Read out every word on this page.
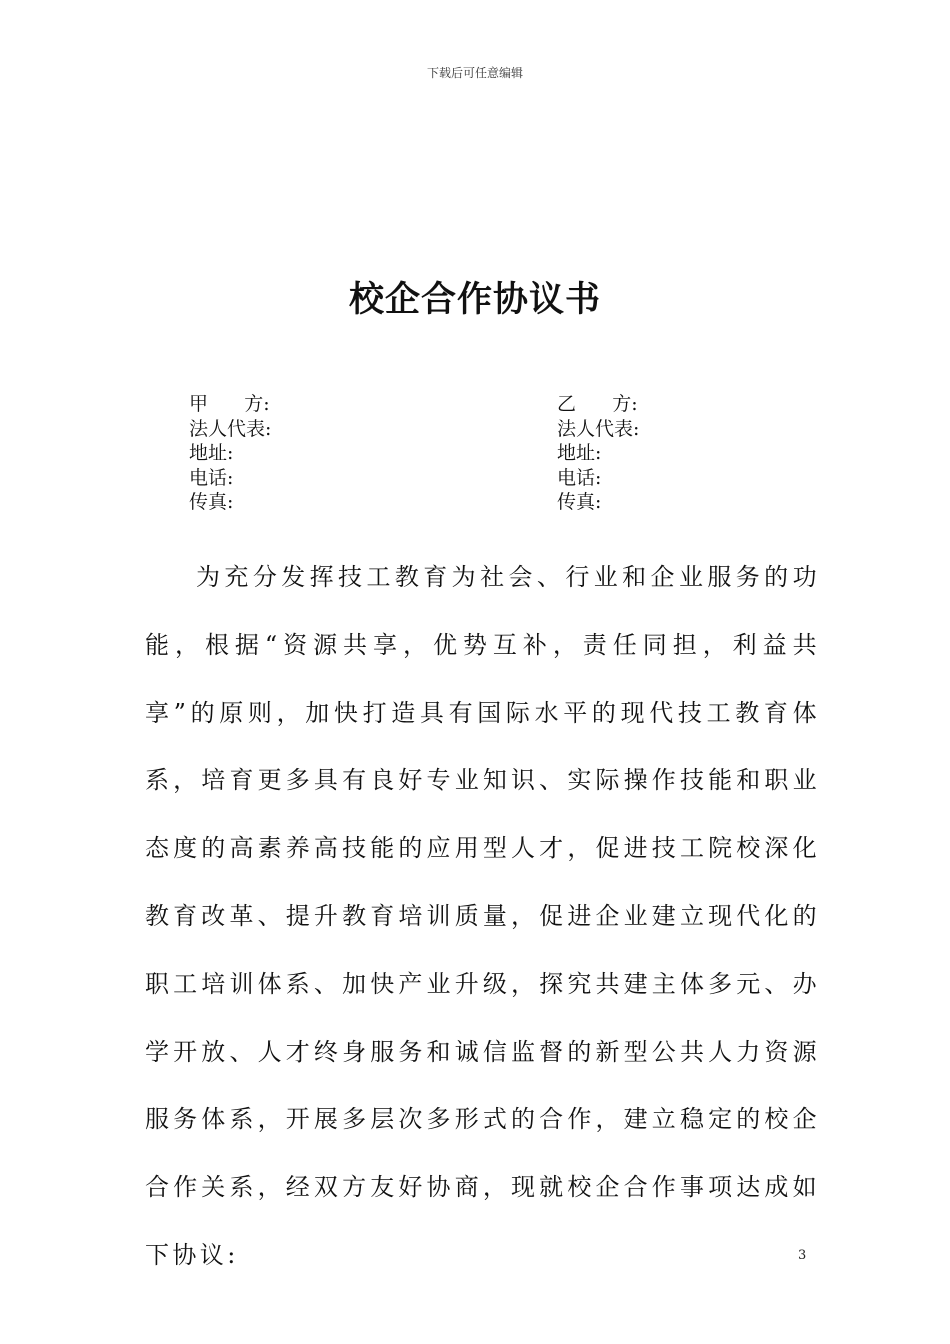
下载后可任意编辑
校企合作协议书
甲      方:
法人代表:
地址:
电话:
传真:
乙      方:
法人代表:
地址:
电话:
传真:

为充分发挥技工教育为社会、行业和企业服务的功能，根据“资源共享，优势互补，责任同担，利益共享”的原则，加快打造具有国际水平的现代技工教育体系，培育更多具有良好专业知识、实际操作技能和职业态度的高素养高技能的应用型人才，促进技工院校深化教育改革、提升教育培训质量，促进企业建立现代化的职工培训体系、加快产业升级，探究共建主体多元、办学开放、人才终身服务和诚信监督的新型公共人力资源服务体系，开展多层次多形式的合作，建立稳定的校企合作关系，经双方友好协商，现就校企合作事项达成如下协议:	3
